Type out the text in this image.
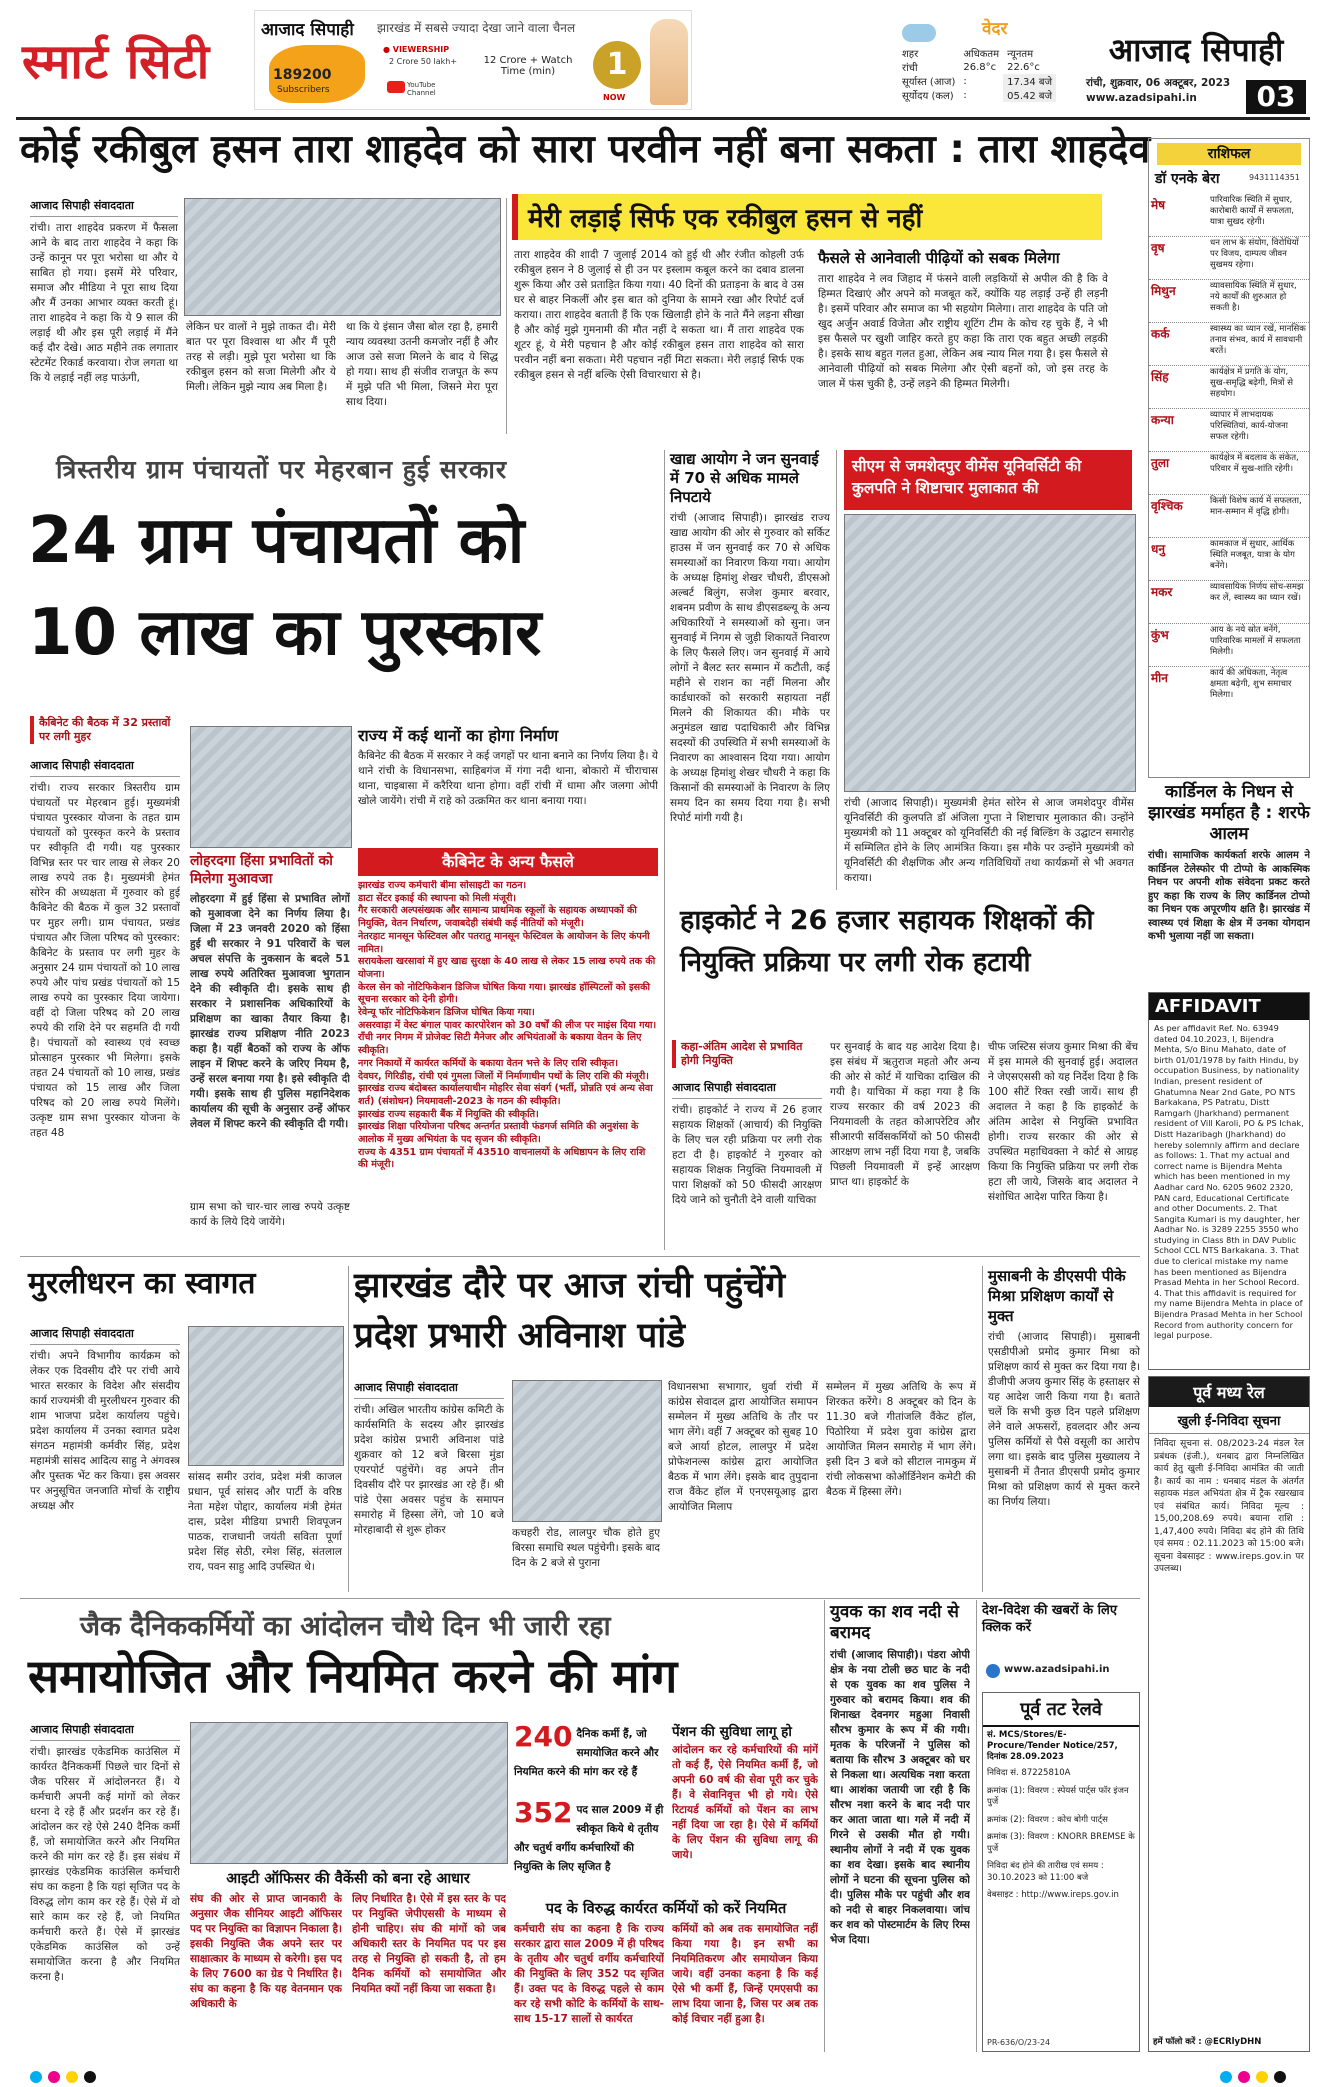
स्मार्ट सिटी
आजाद सिपाही झारखंड में सबसे ज्यादा देखा जाने वाला चैनल
189200
Subscribers
● VIEWERSHIP
2 Crore 50 lakh+
YouTube Channel
12 Crore + Watch Time (min)	1
NOW
वेदर
शहर	अधिकतम	न्यूनतम
रांची	26.8°c	22.6°c
सूर्यास्त (आज)	:	17.34 बजे
सूर्योदय (कल)	:	05.42 बजे
आजाद सिपाही
रांची, शुक्रवार, 06 अक्टूबर, 2023
www.azadsipahi.in	03
कोई रकीबुल हसन तारा शाहदेव को सारा परवीन नहीं बना सकता : तारा शाहदेव
आजाद सिपाही संवाददाता
रांची। तारा शाहदेव प्रकरण में फैसला आने के बाद तारा शाहदेव ने कहा कि उन्हें कानून पर पूरा भरोसा था और ये साबित हो गया। इसमें मेरे परिवार, समाज और मीडिया ने पूरा साथ दिया और मैं उनका आभार व्यक्त करती हूं। तारा शाहदेव ने कहा कि ये 9 साल की लड़ाई थी और इस पूरी लड़ाई में मैंने कई दौर देखे। आठ महीने तक लगातार स्टेटमेंट रिकार्ड करवाया। रोज लगता था कि ये लड़ाई नहीं लड़ पाऊंगी,
लेकिन घर वालों ने मुझे ताकत दी। मेरी बात पर पूरा विश्वास था और मैं पूरी तरह से लड़ी। मुझे पूरा भरोसा था कि रकीबुल हसन को सजा मिलेगी और ये मिली। लेकिन मुझे न्याय अब मिला है।
था कि ये इंसान जैसा बोल रहा है, हमारी न्याय व्यवस्था उतनी कमजोर नहीं है और आज उसे सजा मिलने के बाद ये सिद्ध हो गया। साथ ही संजीव राजपूत के रूप में मुझे पति भी मिला, जिसने मेरा पूरा साथ दिया।
मेरी लड़ाई सिर्फ एक रकीबुल हसन से नहीं
तारा शाहदेव की शादी 7 जुलाई 2014 को हुई थी और रंजीत कोहली उर्फ रकीबुल हसन ने 8 जुलाई से ही उन पर इस्लाम कबूल करने का दबाव डालना शुरू किया और उसे प्रताड़ित किया गया। 40 दिनों की प्रताड़ना के बाद वे उस घर से बाहर निकलीं और इस बात को दुनिया के सामने रखा और रिपोर्ट दर्ज कराया। तारा शाहदेव बताती हैं कि एक खिलाड़ी होने के नाते मैंने लड़ना सीखा है और कोई मुझे गुमनामी की मौत नहीं दे सकता था। मैं तारा शाहदेव एक शूटर हूं, ये मेरी पहचान है और कोई रकीबुल हसन तारा शाहदेव को सारा परवीन नहीं बना सकता। मेरी पहचान नहीं मिटा सकता। मेरी लड़ाई सिर्फ एक रकीबुल हसन से नहीं बल्कि ऐसी विचारधारा से है।
फैसले से आनेवाली पीढ़ियों को सबक मिलेगा
तारा शाहदेव ने लव जिहाद में फंसने वाली लड़कियों से अपील की है कि वे हिम्मत दिखाएं और अपने को मजबूत करें, क्योंकि यह लड़ाई उन्हें ही लड़नी है। इसमें परिवार और समाज का भी सहयोग मिलेगा। तारा शाहदेव के पति जो खुद अर्जुन अवार्ड विजेता और राष्ट्रीय शूटिंग टीम के कोच रह चुके हैं, ने भी इस फैसले पर खुशी जाहिर करते हुए कहा कि तारा एक बहुत अच्छी लड़की है। इसके साथ बहुत गलत हुआ, लेकिन अब न्याय मिल गया है। इस फैसले से आनेवाली पीढ़ियों को सबक मिलेगा और ऐसी बहनों को, जो इस तरह के जाल में फंस चुकी है, उन्हें लड़ने की हिम्मत मिलेगी।
राशिफल
डॉ एनके बेरा	9431114351
मेष	पारिवारिक स्थिति में सुधार, कारोबारी कार्यों में सफलता, यात्रा सुखद रहेगी।
वृष	धन लाभ के संयोग, विरोधियों पर विजय, दाम्पत्य जीवन सुखमय रहेगा।
मिथुन	व्यावसायिक स्थिति में सुधार, नये कार्यों की शुरुआत हो सकती है।
कर्क	स्वास्थ्य का ध्यान रखें, मानसिक तनाव संभव, कार्य में सावधानी बरतें।
सिंह	कार्यक्षेत्र में प्रगति के योग, सुख-समृद्धि बढ़ेगी, मित्रों से सहयोग।
कन्या	व्यापार में लाभदायक परिस्थितियां, कार्य-योजना सफल रहेगी।
तुला	कार्यक्षेत्र में बदलाव के संकेत, परिवार में सुख-शांति रहेगी।
वृश्चिक	किसी विशेष कार्य में सफलता, मान-सम्मान में वृद्धि होगी।
धनु	कामकाज में सुधार, आर्थिक स्थिति मजबूत, यात्रा के योग बनेंगे।
मकर	व्यावसायिक निर्णय सोच-समझ कर लें, स्वास्थ्य का ध्यान रखें।
कुंभ	आय के नये स्रोत बनेंगे, पारिवारिक मामलों में सफलता मिलेगी।
मीन	कार्य की अधिकता, नेतृत्व क्षमता बढ़ेगी, शुभ समाचार मिलेगा।
कार्डिनल के निधन से झारखंड मर्माहत है : शरफे आलम
रांची। सामाजिक कार्यकर्ता शरफे आलम ने कार्डिनल टेलेस्फोर पी टोप्पो के आकस्मिक निधन पर अपनी शोक संवेदना प्रकट करते हुए कहा कि राज्य के लिए कार्डिनल टोप्पो का निधन एक अपूरणीय क्षति है। झारखंड में स्वास्थ्य एवं शिक्षा के क्षेत्र में उनका योगदान कभी भुलाया नहीं जा सकता।
AFFIDAVIT
As per affidavit Ref. No. 63949 dated 04.10.2023, I, Bijendra Mehta, S/o Binu Mahato, date of birth 01/01/1978 by faith Hindu, by occupation Business, by nationality Indian, present resident of Ghatumna Near 2nd Gate, PO NTS Barkakana, PS Patratu, Distt Ramgarh (Jharkhand) permanent resident of Vill Karoli, PO & PS Ichak, Distt Hazaribagh (Jharkhand) do hereby solemnly affirm and declare as follows: 1. That my actual and correct name is Bijendra Mehta which has been mentioned in my Aadhar card No. 6205 9602 2320, PAN card, Educational Certificate and other Documents. 2. That Sangita Kumari is my daughter, her Aadhar No. is 3289 2255 3550 who studying in Class 8th in DAV Public School CCL NTS Barkakana. 3. That due to clerical mistake my name has been mentioned as Bijendra Prasad Mehta in her School Record. 4. That this affidavit is required for my name Bijendra Mehta in place of Bijendra Prasad Mehta in her School Record from authority concern for legal purpose.
त्रिस्तरीय ग्राम पंचायतों पर मेहरबान हुई सरकार
24 ग्राम पंचायतों को
10 लाख का पुरस्कार
कैबिनेट की बैठक में 32 प्रस्तावों पर लगी मुहर
आजाद सिपाही संवाददाता
रांची। राज्य सरकार त्रिस्तरीय ग्राम पंचायतों पर मेहरबान हुई। मुख्यमंत्री पंचायत पुरस्कार योजना के तहत ग्राम पंचायतों को पुरस्कृत करने के प्रस्ताव पर स्वीकृति दी गयी। यह पुरस्कार विभिन्न स्तर पर चार लाख से लेकर 20 लाख रुपये तक है। मुख्यमंत्री हेमंत सोरेन की अध्यक्षता में गुरुवार को हुई कैबिनेट की बैठक में कुल 32 प्रस्तावों पर मुहर लगी। ग्राम पंचायत, प्रखंड पंचायत और जिला परिषद को पुरस्कार: कैबिनेट के प्रस्ताव पर लगी मुहर के अनुसार 24 ग्राम पंचायतों को 10 लाख रुपये और पांच प्रखंड पंचायतों को 15 लाख रुपये का पुरस्कार दिया जायेगा। वहीं दो जिला परिषद को 20 लाख रुपये की राशि देने पर सहमति दी गयी है। पंचायतों को स्वास्थ्य एवं स्वच्छ प्रोत्साहन पुरस्कार भी मिलेगा। इसके तहत 24 पंचायतों को 10 लाख, प्रखंड पंचायत को 15 लाख और जिला परिषद को 20 लाख रुपये मिलेंगे। उत्कृष्ट ग्राम सभा पुरस्कार योजना के तहत 48
लोहरदगा हिंसा प्रभावितों को मिलेगा मुआवजा
लोहरदगा में हुई हिंसा से प्रभावित लोगों को मुआवजा देने का निर्णय लिया है। जिला में 23 जनवरी 2020 को हिंसा हुई थी सरकार ने 91 परिवारों के चल अचल संपत्ति के नुकसान के बदले 51 लाख रुपये अतिरिक्त मुआवजा भुगतान देने की स्वीकृति दी। इसके साथ ही सरकार ने प्रशासनिक अधिकारियों के प्रशिक्षण का खाका तैयार किया है। झारखंड राज्य प्रशिक्षण नीति 2023 कहा है। यहीं बैठकों को राज्य के ऑफ लाइन में शिफ्ट करने के जरिए नियम है, उन्हें सरल बनाया गया है। इसे स्वीकृति दी गयी। इसके साथ ही पुलिस महानिदेशक कार्यालय की सूची के अनुसार उन्हें ऑफर लेवल में शिफ्ट करने की स्वीकृति दी गयी।
ग्राम सभा को चार-चार लाख रुपये उत्कृष्ट कार्य के लिये दिये जायेंगे।
राज्य में कई थानों का होगा निर्माण
कैबिनेट की बैठक में सरकार ने कई जगहों पर थाना बनाने का निर्णय लिया है। ये थाने रांची के विधानसभा, साहिबगंज में गंगा नदी थाना, बोकारो में चीराचास थाना, चाइबासा में करैरिया थाना होगा। वहीं रांची में धामा और जलगा ओपी खोले जायेंगे। रांची में राहे को उत्क्रमित कर थाना बनाया गया।
कैबिनेट के अन्य फैसले
झारखंड राज्य कर्मचारी बीमा सोसाइटी का गठन।
डाटा सेंटर इकाई की स्थापना को मिली मंजूरी।
गैर सरकारी अल्पसंख्यक और सामान्य प्राथमिक स्कूलों के सहायक अध्यापकों की नियुक्ति, वेतन निर्धारण, जवाबदेही संबंधी कई नीतियों को मंजूरी।
नेतरहाट मानसून फेस्टिवल और पतरातु मानसून फेस्टिवल के आयोजन के लिए कंपनी नामित।
सरायकेला खरसावां में हुए खाद्य सुरक्षा के 40 लाख से लेकर 15 लाख रुपये तक की योजना।
केरल सेन को नोटिफिकेशन डिजिज घोषित किया गया। झारखंड हॉस्पिटलों को इसकी सूचना सरकार को देनी होगी।
रेवेन्यू फॉर नोटिफिकेशन डिजिज घोषित किया गया।
असरवाड़ा में वेस्ट बंगाल पावर कारपोरेशन को 30 वर्षों की लीज पर माइंस दिया गया।
राँची नगर निगम में प्रोजेक्ट सिटी मैनेजर और अभियंताओं के बकाया वेतन के लिए स्वीकृति।
नगर निकायों में कार्यरत कर्मियों के बकाया वेतन भत्ते के लिए राशि स्वीकृत।
देवघर, गिरिडीह, रांची एवं गुमला जिलों में निर्माणाधीन पथों के लिए राशि की मंजूरी।
झारखंड राज्य बंदोबस्त कार्यालयाधीन मोहरिर सेवा संवर्ग (भर्ती, प्रोन्नति एवं अन्य सेवा शर्त) (संशोधन) नियमावली-2023 के गठन की स्वीकृति।
झारखंड राज्य सहकारी बैंक में नियुक्ति की स्वीकृति।
झारखंड शिक्षा परियोजना परिषद अन्तर्गत प्रस्तावी फंडगर्ज समिति की अनुशंसा के आलोक में मुख्य अभियंता के पद सृजन की स्वीकृति।
राज्य के 4351 ग्राम पंचायतों में 43510 वाचनालयों के अधिष्ठापन के लिए राशि की मंजूरी।
खाद्य आयोग ने जन सुनवाई में 70 से अधिक मामले निपटाये
रांची (आजाद सिपाही)। झारखंड राज्य खाद्य आयोग की ओर से गुरुवार को सर्किट हाउस में जन सुनवाई कर 70 से अधिक समस्याओं का निवारण किया गया। आयोग के अध्यक्ष हिमांशु शेखर चौधरी, डीएसओ अल्बर्ट बिलुंग, सजेश कुमार बरवार, शबनम प्रवीण के साथ डीएसडब्ल्यू के अन्य अधिकारियों ने समस्याओं को सुना। जन सुनवाई में निगम से जुड़ी शिकायतें निवारण के लिए फैसले लिए। जन सुनवाई में आये लोगों ने बैलट स्तर सम्मान में कटौती, कई महीने से राशन का नहीं मिलना और कार्डधारकों को सरकारी सहायता नहीं मिलने की शिकायत की। मौके पर अनुमंडल खाद्य पदाधिकारी और विभिन्न सदस्यों की उपस्थिति में सभी समस्याओं के निवारण का आश्वासन दिया गया। आयोग के अध्यक्ष हिमांशु शेखर चौधरी ने कहा कि किसानों की समस्याओं के निवारण के लिए समय दिन का समय दिया गया है। सभी रिपोर्ट मांगी गयी है।
सीएम से जमशेदपुर वीमेंस यूनिवर्सिटी की कुलपति ने शिष्टाचार मुलाकात की
रांची (आजाद सिपाही)। मुख्यमंत्री हेमंत सोरेन से आज जमशेदपुर वीमेंस यूनिवर्सिटी की कुलपति डॉ अंजिला गुप्ता ने शिष्टाचार मुलाकात की। उन्होंने मुख्यमंत्री को 11 अक्टूबर को यूनिवर्सिटी की नई बिल्डिंग के उद्घाटन समारोह में सम्मिलित होने के लिए आमंत्रित किया। इस मौके पर उन्होंने मुख्यमंत्री को यूनिवर्सिटी की शैक्षणिक और अन्य गतिविधियों तथा कार्यक्रमों से भी अवगत कराया।
हाइकोर्ट ने 26 हजार सहायक शिक्षकों की नियुक्ति प्रक्रिया पर लगी रोक हटायी
कहा-अंतिम आदेश से प्रभावित होगी नियुक्ति
आजाद सिपाही संवाददाता
रांची। हाइकोर्ट ने राज्य में 26 हजार सहायक शिक्षकों (आचार्य) की नियुक्ति के लिए चल रही प्रक्रिया पर लगी रोक हटा दी है। हाइकोर्ट ने गुरुवार को सहायक शिक्षक नियुक्ति नियमावली में पारा शिक्षकों को 50 फीसदी आरक्षण दिये जाने को चुनौती देने वाली याचिका
पर सुनवाई के बाद यह आदेश दिया है। इस संबंध में ऋतुराज महतो और अन्य की ओर से कोर्ट में याचिका दाखिल की गयी है। याचिका में कहा गया है कि राज्य सरकार की वर्ष 2023 की नियमावली के तहत कोआपरेटिव और सीआरपी सर्विसकर्मियों को 50 फीसदी आरक्षण लाभ नहीं दिया गया है, जबकि पिछली नियमावली में इन्हें आरक्षण प्राप्त था। हाइकोर्ट के
चीफ जस्टिस संजय कुमार मिश्रा की बेंच में इस मामले की सुनवाई हुई। अदालत ने जेएसएससी को यह निर्देश दिया है कि 100 सीटें रिक्त रखी जायें। साथ ही अदालत ने कहा है कि हाइकोर्ट के अंतिम आदेश से नियुक्ति प्रभावित होगी। राज्य सरकार की ओर से उपस्थित महाधिवक्ता ने कोर्ट से आग्रह किया कि नियुक्ति प्रक्रिया पर लगी रोक हटा ली जाये, जिसके बाद अदालत ने संशोधित आदेश पारित किया है।
मुरलीधरन का स्वागत
आजाद सिपाही संवाददाता
रांची। अपने विभागीय कार्यक्रम को लेकर एक दिवसीय दौरे पर रांची आये भारत सरकार के विदेश और संसदीय कार्य राज्यमंत्री वी मुरलीधरन गुरुवार की शाम भाजपा प्रदेश कार्यालय पहुंचे। प्रदेश कार्यालय में उनका स्वागत प्रदेश संगठन महामंत्री कर्मवीर सिंह, प्रदेश महामंत्री सांसद आदित्य साहु ने अंगवस्त्र और पुस्तक भेंट कर किया। इस अवसर पर अनुसूचित जनजाति मोर्चा के राष्ट्रीय अध्यक्ष और
सांसद समीर उरांव, प्रदेश मंत्री काजल प्रधान, पूर्व सांसद और पार्टी के वरिष्ठ नेता महेश पोद्दार, कार्यालय मंत्री हेमंत दास, प्रदेश मीडिया प्रभारी शिवपूजन पाठक, राजधानी जयंती सविता पूर्णा प्रदेश सिंह सेठी, रमेश सिंह, संतलाल राय, पवन साहु आदि उपस्थित थे।
झारखंड दौरे पर आज रांची पहुंचेंगे
प्रदेश प्रभारी अविनाश पांडे
आजाद सिपाही संवाददाता
रांची। अखिल भारतीय कांग्रेस कमिटी के कार्यसमिति के सदस्य और झारखंड प्रदेश कांग्रेस प्रभारी अविनाश पांडे शुक्रवार को 12 बजे बिरसा मुंडा एयरपोर्ट पहुंचेंगे। वह अपने तीन दिवसीय दौरे पर झारखंड आ रहे हैं। श्री पांडे ऐसा अवसर पहुंच के समापन समारोह में हिस्सा लेंगे, जो 10 बजे मोरहाबादी से शुरू होकर	कचहरी रोड, लालपुर चौक होते हुए बिरसा समाधि स्थल पहुंचेगी। इसके बाद दिन के 2 बजे से पुराना
विधानसभा सभागार, धुर्वा रांची में कांग्रेस सेवादल द्वारा आयोजित समापन सम्मेलन में मुख्य अतिथि के तौर पर भाग लेंगे। वहीं 7 अक्टूबर को सुबह 10 बजे आर्या होटल, लालपुर में प्रदेश प्रोफेशनल्स कांग्रेस द्वारा आयोजित बैठक में भाग लेंगे। इसके बाद तुपुदाना राज वैंकेट हॉल में एनएसयूआइ द्वारा आयोजित मिलाप
सम्मेलन में मुख्य अतिथि के रूप में शिरकत करेंगे। 8 अक्टूबर को दिन के 11.30 बजे गीतांजलि वैंकेट हॉल, पिठोरिया में प्रदेश युवा कांग्रेस द्वारा आयोजित मिलन समारोह में भाग लेंगे। इसी दिन 3 बजे को सीटाल नामकुम में रांची लोकसभा कोऑर्डिनेशन कमेटी की बैठक में हिस्सा लेंगे।
मुसाबनी के डीएसपी पीके मिश्रा प्रशिक्षण कार्यों से मुक्त
रांची (आजाद सिपाही)। मुसाबनी एसडीपीओ प्रमोद कुमार मिश्रा को प्रशिक्षण कार्य से मुक्त कर दिया गया है। डीजीपी अजय कुमार सिंह के हस्ताक्षर से यह आदेश जारी किया गया है। बताते चलें कि सभी कुछ दिन पहले प्रशिक्षण लेने वाले अफसरों, हवलदार और अन्य पुलिस कर्मियों से पैसे वसूली का आरोप लगा था। इसके बाद पुलिस मुख्यालय ने मुसाबनी में तैनात डीएसपी प्रमोद कुमार मिश्रा को प्रशिक्षण कार्य से मुक्त करने का निर्णय लिया।
जैक दैनिककर्मियों का आंदोलन चौथे दिन भी जारी रहा
समायोजित और नियमित करने की मांग
आजाद सिपाही संवाददाता
रांची। झारखंड एकेडमिक काउंसिल में कार्यरत दैनिककर्मी पिछले चार दिनों से जैक परिसर में आंदोलनरत हैं। ये कर्मचारी अपनी कई मांगों को लेकर धरना दे रहे हैं और प्रदर्शन कर रहे हैं। आंदोलन कर रहे ऐसे 240 दैनिक कर्मी हैं, जो समायोजित करने और नियमित करने की मांग कर रहे हैं। इस संबंध में झारखंड एकेडमिक काउंसिल कर्मचारी संघ का कहना है कि यहां सृजित पद के विरुद्ध लोग काम कर रहे हैं। ऐसे में वो सारे काम कर रहे हैं, जो नियमित कर्मचारी करते हैं। ऐसे में झारखंड एकेडमिक काउंसिल को उन्हें समायोजित करना है और नियमित करना है।
आइटी ऑफिसर की वैकेंसी को बना रहे आधार
संघ की ओर से प्राप्त जानकारी के अनुसार जैक सीनियर आइटी ऑफिसर पद पर नियुक्ति का विज्ञापन निकाला है। इसकी नियुक्ति जैक अपने स्तर पर साक्षात्कार के माध्यम से करेगी। इस पद के लिए 7600 का ग्रेड पे निर्धारित है। संघ का कहना है कि यह वेतनमान एक अधिकारी के
लिए निर्धारित है। ऐसे में इस स्तर के पद पर नियुक्ति जेपीएससी के माध्यम से होनी चाहिए। संघ की मांगों को जब अधिकारी स्तर के नियमित पद पर इस तरह से नियुक्ति हो सकती है, तो हम दैनिक कर्मियों को समायोजित और नियमित क्यों नहीं किया जा सकता है।
240 दैनिक कर्मी हैं, जो समायोजित करने और नियमित करने की मांग कर रहे हैं
352 पद साल 2009 में ही स्वीकृत किये थे तृतीय और चतुर्थ वर्गीय कर्मचारियों की नियुक्ति के लिए सृजित है
पेंशन की सुविधा लागू हो
आंदोलन कर रहे कर्मचारियों की मांगें तो कई हैं, ऐसे नियमित कर्मी हैं, जो अपनी 60 वर्ष की सेवा पूरी कर चुके हैं। वे सेवानिवृत्त भी हो गये। ऐसे रिटायर्ड कर्मियों को पेंशन का लाभ नहीं दिया जा रहा है। ऐसे में कर्मियों के लिए पेंशन की सुविधा लागू की जाये।
पद के विरुद्ध कार्यरत कर्मियों को करें नियमित
कर्मचारी संघ का कहना है कि राज्य सरकार द्वारा साल 2009 में ही परिषद के तृतीय और चतुर्थ वर्गीय कर्मचारियों की नियुक्ति के लिए 352 पद सृजित हैं। उक्त पद के विरुद्ध पहले से काम कर रहे सभी कोटि के कर्मियों के साथ-साथ 15-17 सालों से कार्यरत
कर्मियों को अब तक समायोजित नहीं किया गया है। इन सभी का नियमितिकरण और समायोजन किया जाये। वहीं उनका कहना है कि कई ऐसे भी कर्मी हैं, जिन्हें एमएसपी का लाभ दिया जाना है, जिस पर अब तक कोई विचार नहीं हुआ है।
युवक का शव नदी से बरामद
रांची (आजाद सिपाही)। पंडरा ओपी क्षेत्र के नया टोली छठ घाट के नदी से एक युवक का शव पुलिस ने गुरुवार को बरामद किया। शव की शिनाख्त देवनगर महुआ निवासी सौरभ कुमार के रूप में की गयी। मृतक के परिजनों ने पुलिस को बताया कि सौरभ 3 अक्टूबर को घर से निकला था। अत्यधिक नशा करता था। आशंका जतायी जा रही है कि सौरभ नशा करने के बाद नदी पार कर आता जाता था। गले में नदी में गिरने से उसकी मौत हो गयी। स्थानीय लोगों ने नदी में एक युवक का शव देखा। इसके बाद स्थानीय लोगों ने घटना की सूचना पुलिस को दी। पुलिस मौके पर पहुंची और शव को नदी से बाहर निकलवाया। जांच कर शव को पोस्टमार्टम के लिए रिम्स भेज दिया।
देश-विदेश की खबरों के लिए क्लिक करें
www.azadsipahi.in
पूर्व तट रेलवे
सं. MCS/Stores/E-Procure/Tender Notice/257, दिनांक 28.09.2023
निविदा सं. 87225810A
क्रमांक (1): विवरण : स्पेयर्स पार्ट्स फॉर इंजन पुर्जे
क्रमांक (2): विवरण : कोच बोगी पार्ट्स
क्रमांक (3): विवरण : KNORR BREMSE के पुर्जे
निविदा बंद होने की तारीख एवं समय : 30.10.2023 को 11:00 बजे
वेबसाइट : http://www.ireps.gov.in
PR-636/O/23-24
पूर्व मध्य रेल
खुली ई-निविदा सूचना
निविदा सूचना सं. 08/2023-24 मंडल रेल प्रबंधक (इंजी.), धनबाद द्वारा निम्नलिखित कार्य हेतु खुली ई-निविदा आमंत्रित की जाती है। कार्य का नाम : धनबाद मंडल के अंतर्गत सहायक मंडल अभियंता क्षेत्र में ट्रैक रखरखाव एवं संबंधित कार्य। निविदा मूल्य : 15,00,208.69 रुपये। बयाना राशि : 1,47,400 रुपये। निविदा बंद होने की तिथि एवं समय : 02.11.2023 को 15:00 बजे। सूचना वेबसाइट : www.ireps.gov.in पर उपलब्ध।
हमें फॉलो करें : @ECRlyDHN
